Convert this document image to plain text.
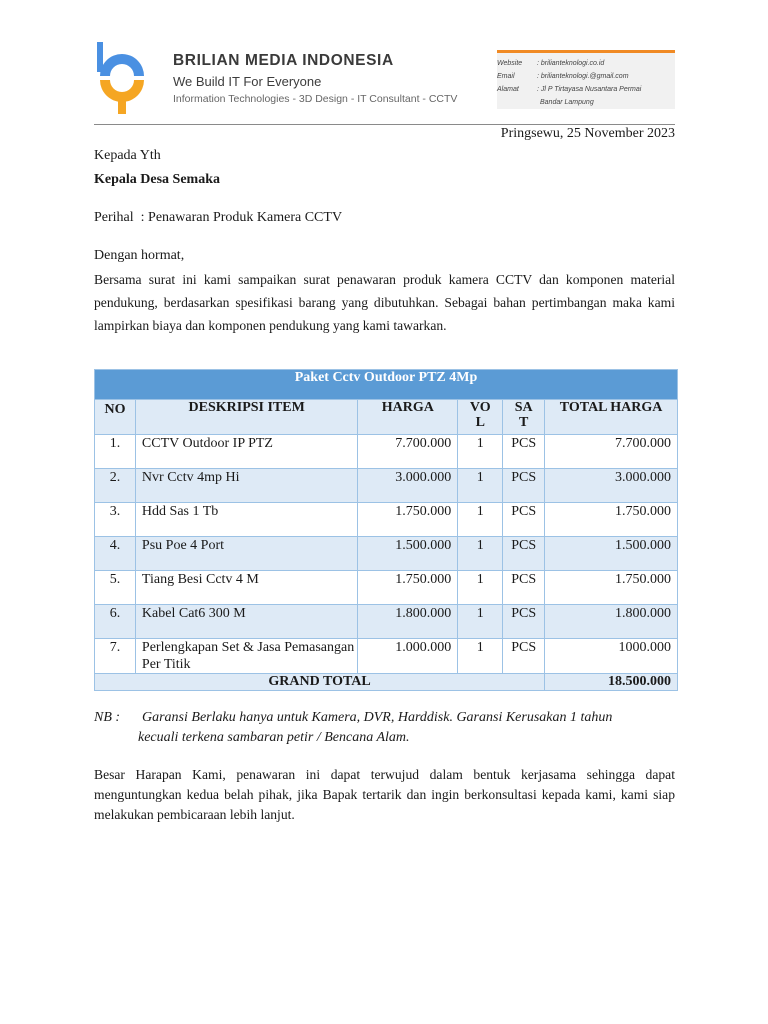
BRILIAN MEDIA INDONESIA
We Build IT For Everyone
Information Technologies - 3D Design - IT Consultant - CCTV
Website	: brilianteknologi.co.id
Email	: brilianteknologi.@gmail.com
Alamat	: Jl P Tirtayasa Nusantara Permai
Bandar Lampung
Pringsewu, 25 November 2023
Kepada Yth
Kepala Desa Semaka
Perihal  : Penawaran Produk Kamera CCTV
Dengan hormat,
Bersama surat ini kami sampaikan surat penawaran produk kamera CCTV dan komponen material pendukung, berdasarkan spesifikasi barang yang dibutuhkan. Sebagai bahan pertimbangan maka kami lampirkan biaya dan komponen pendukung yang kami tawarkan.
Paket Cctv Outdoor PTZ 4Mp					
NO	DESKRIPSI ITEM	HARGA	VOL	SAT	TOTAL HARGA
1.	CCTV Outdoor IP PTZ	7.700.000	1	PCS	7.700.000
2.	Nvr Cctv 4mp Hi	3.000.000	1	PCS	3.000.000
3.	Hdd Sas 1 Tb	1.750.000	1	PCS	1.750.000
4.	Psu Poe 4 Port	1.500.000	1	PCS	1.500.000
5.	Tiang Besi Cctv 4 M	1.750.000	1	PCS	1.750.000
6.	Kabel Cat6 300 M	1.800.000	1	PCS	1.800.000
7.	Perlengkapan Set & Jasa Pemasangan Per Titik	1.000.000	1	PCS	1000.000
GRAND TOTAL					18.500.000
NB :	Garansi Berlaku hanya untuk Kamera, DVR, Harddisk. Garansi Kerusakan 1 tahun
kecuali terkena sambaran petir / Bencana Alam.
Besar Harapan Kami, penawaran ini dapat terwujud dalam bentuk kerjasama sehingga dapat menguntungkan kedua belah pihak, jika Bapak tertarik dan ingin berkonsultasi kepada kami, kami siap melakukan pembicaraan lebih lanjut.
